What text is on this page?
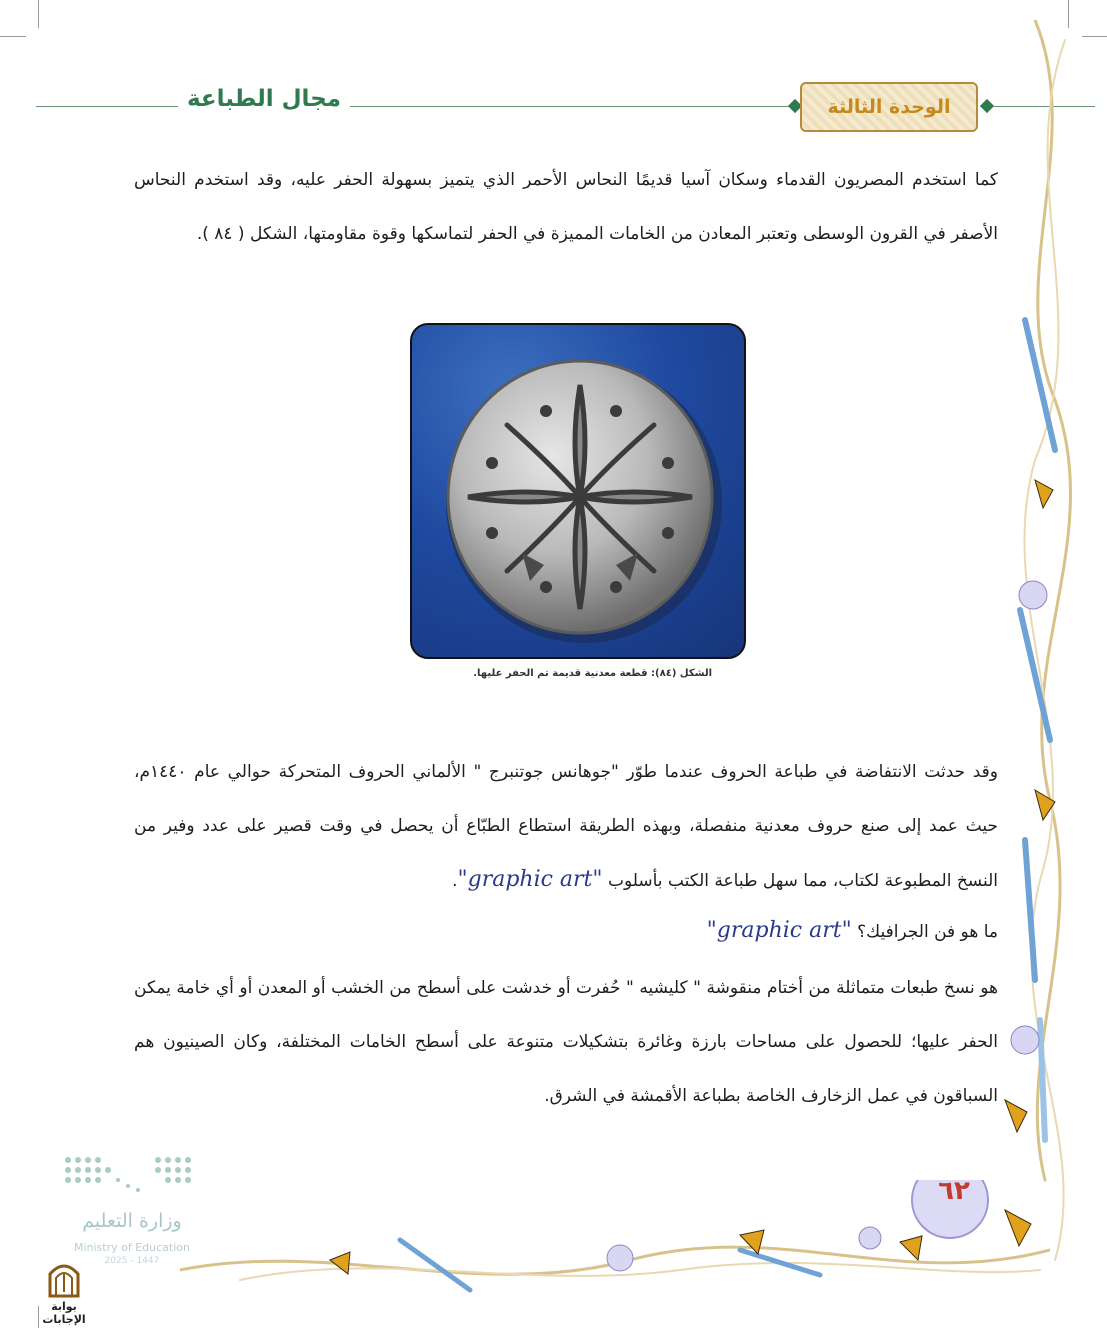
الوحدة الثالثة
مجال الطباعة
كما استخدم المصريون القدماء وسكان آسيا قديمًا النحاس الأحمر الذي يتميز بسهولة الحفر عليه، وقد استخدم النحاس الأصفر في القرون الوسطى وتعتبر المعادن من الخامات المميزة في الحفر لتماسكها وقوة مقاومتها، الشكل ( ٨٤ ).
الشكل (٨٤): قطعة معدنية قديمة تم الحفر عليها.
وقد حدثت الانتفاضة في طباعة الحروف عندما طوّر "جوهانس جوتنبرج " الألماني الحروف المتحركة حوالي عام ١٤٤٠م، حيث عمد إلى صنع حروف معدنية منفصلة، وبهذه الطريقة استطاع الطبّاع أن يحصل في وقت قصير على عدد وفير من النسخ المطبوعة لكتاب، مما سهل طباعة الكتب بأسلوب "graphic art".
ما هو فن الجرافيك؟ "graphic art"
هو نسخ طبعات متماثلة من أختام منقوشة " كليشيه " حُفرت أو خدشت على أسطح من الخشب أو المعدن أو أي خامة يمكن الحفر عليها؛ للحصول على مساحات بارزة وغائرة بتشكيلات متنوعة على أسطح الخامات المختلفة، وكان الصينيون هم السباقون في عمل الزخارف الخاصة بطباعة الأقمشة في الشرق.
٦٢
وزارة التعليم
Ministry of Education
2025 - 1447
بوابة الإجابات
